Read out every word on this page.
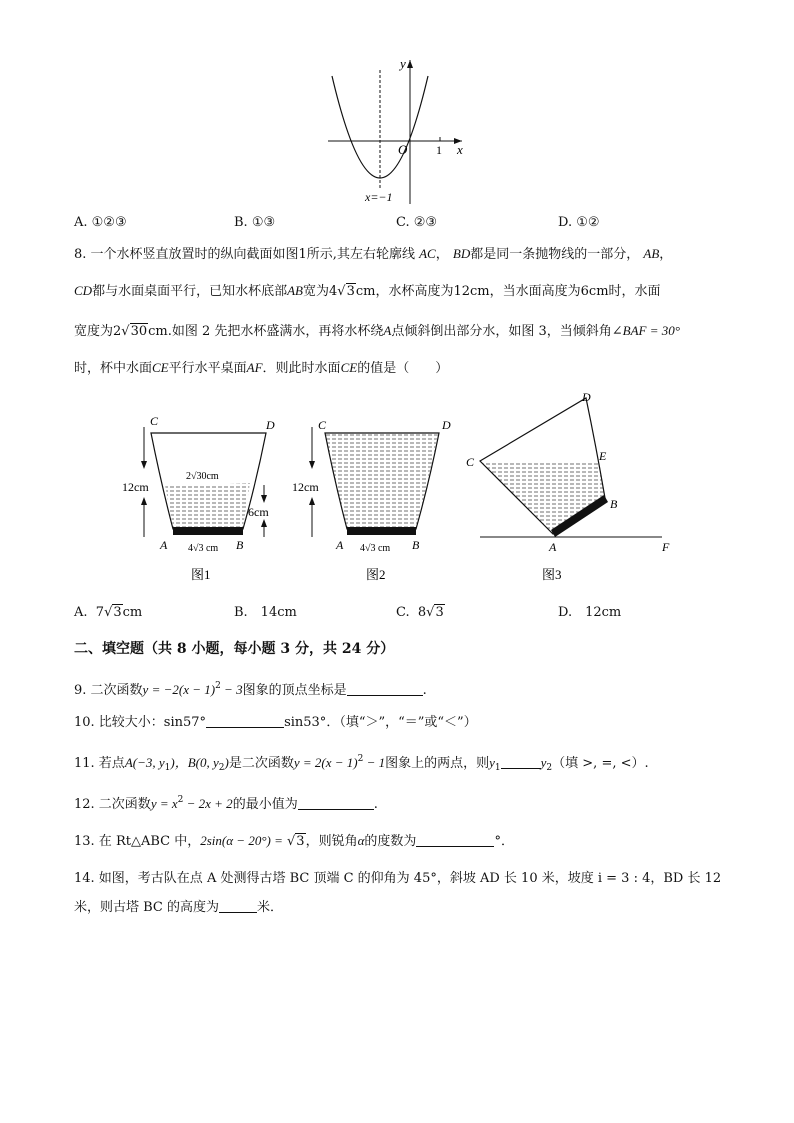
y
x
O 1
x=−1
A. ①②③	B. ①③	C. ②③	D. ①②
8. 一个水杯竖直放置时的纵向截面如图1所示,其左右轮廓线 AC， BD都是同一条抛物线的一部分， AB，
CD都与水面桌面平行，已知水杯底部AB宽为4√3cm，水杯高度为12cm，当水面高度为6cm时，水面
宽度为2√30cm.如图 2 先把水杯盛满水，再将水杯绕A点倾斜倒出部分水，如图 3，当倾斜角∠BAF = 30°
时，杯中水面CE平行水平桌面AF．则此时水面CE的值是（　　）
C	D
A	B
12cm
2√30cm
6cm
4√3 cm
图1
C	D
A	B
12cm
4√3 cm
图2
C
D
E
B
A	F
图3
A. 7√3cm	B.　14cm	C. 8√3	D.　12cm
二、填空题（共 8 小题，每小题 3 分，共 24 分）
9. 二次函数$y = -2(x - 1)^2 - 3$图象的顶点坐标是	.
10. 比较大小：sin57°	sin53°．（填“＞”，“＝”或“＜”）
11. 若点A(−3, $y_1$)，B(0, $y_2$)是二次函数$y = 2(x - 1)^2 - 1$图象上的两点，则$y_1$	$y_2$（填 >, =, <）.
12. 二次函数$y = x^2 - 2x + 2$的最小值为	.
13. 在 Rt△ABC 中，2sin(α − 20°) = √3，则锐角α的度数为	°．
14. 如图，考古队在点 A 处测得古塔 BC 顶端 C 的仰角为 45°，斜坡 AD 长 10 米，坡度 i = 3 : 4，BD 长 12
米，则古塔 BC 的高度为	米．
